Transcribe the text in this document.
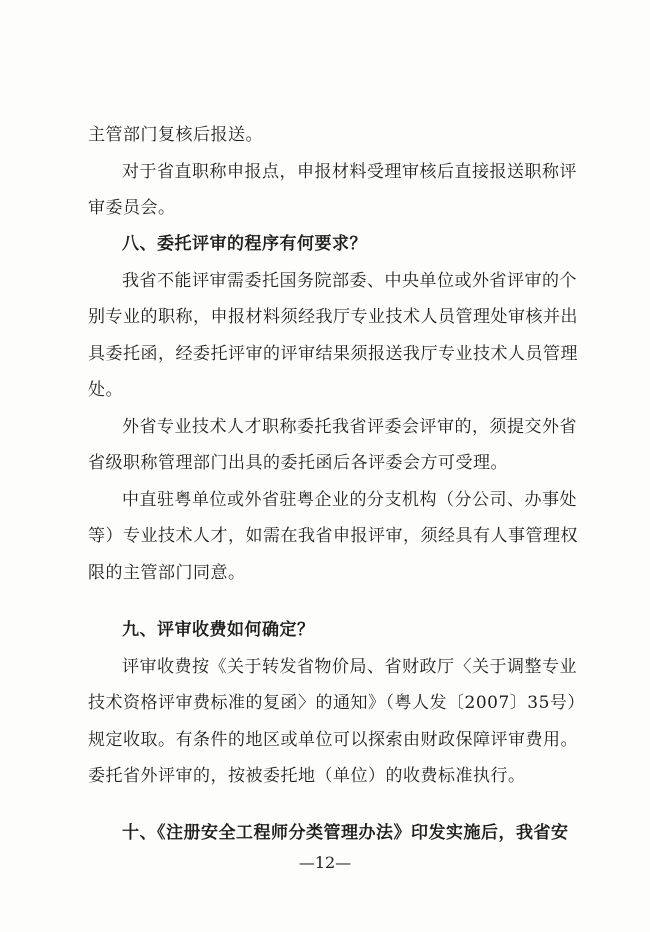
主管部门复核后报送。
对于省直职称申报点，申报材料受理审核后直接报送职称评
审委员会。
八、委托评审的程序有何要求？
我省不能评审需委托国务院部委、中央单位或外省评审的个
别专业的职称，申报材料须经我厅专业技术人员管理处审核并出
具委托函，经委托评审的评审结果须报送我厅专业技术人员管理
处。
外省专业技术人才职称委托我省评委会评审的，须提交外省
省级职称管理部门出具的委托函后各评委会方可受理。
中直驻粤单位或外省驻粤企业的分支机构（分公司、办事处
等）专业技术人才，如需在我省申报评审，须经具有人事管理权
限的主管部门同意。
九、评审收费如何确定？
评审收费按《关于转发省物价局、省财政厅〈关于调整专业
技术资格评审费标准的复函〉的通知》（粤人发〔2007〕35号）
规定收取。有条件的地区或单位可以探索由财政保障评审费用。
委托省外评审的，按被委托地（单位）的收费标准执行。
十、《注册安全工程师分类管理办法》印发实施后，我省安
—12—
